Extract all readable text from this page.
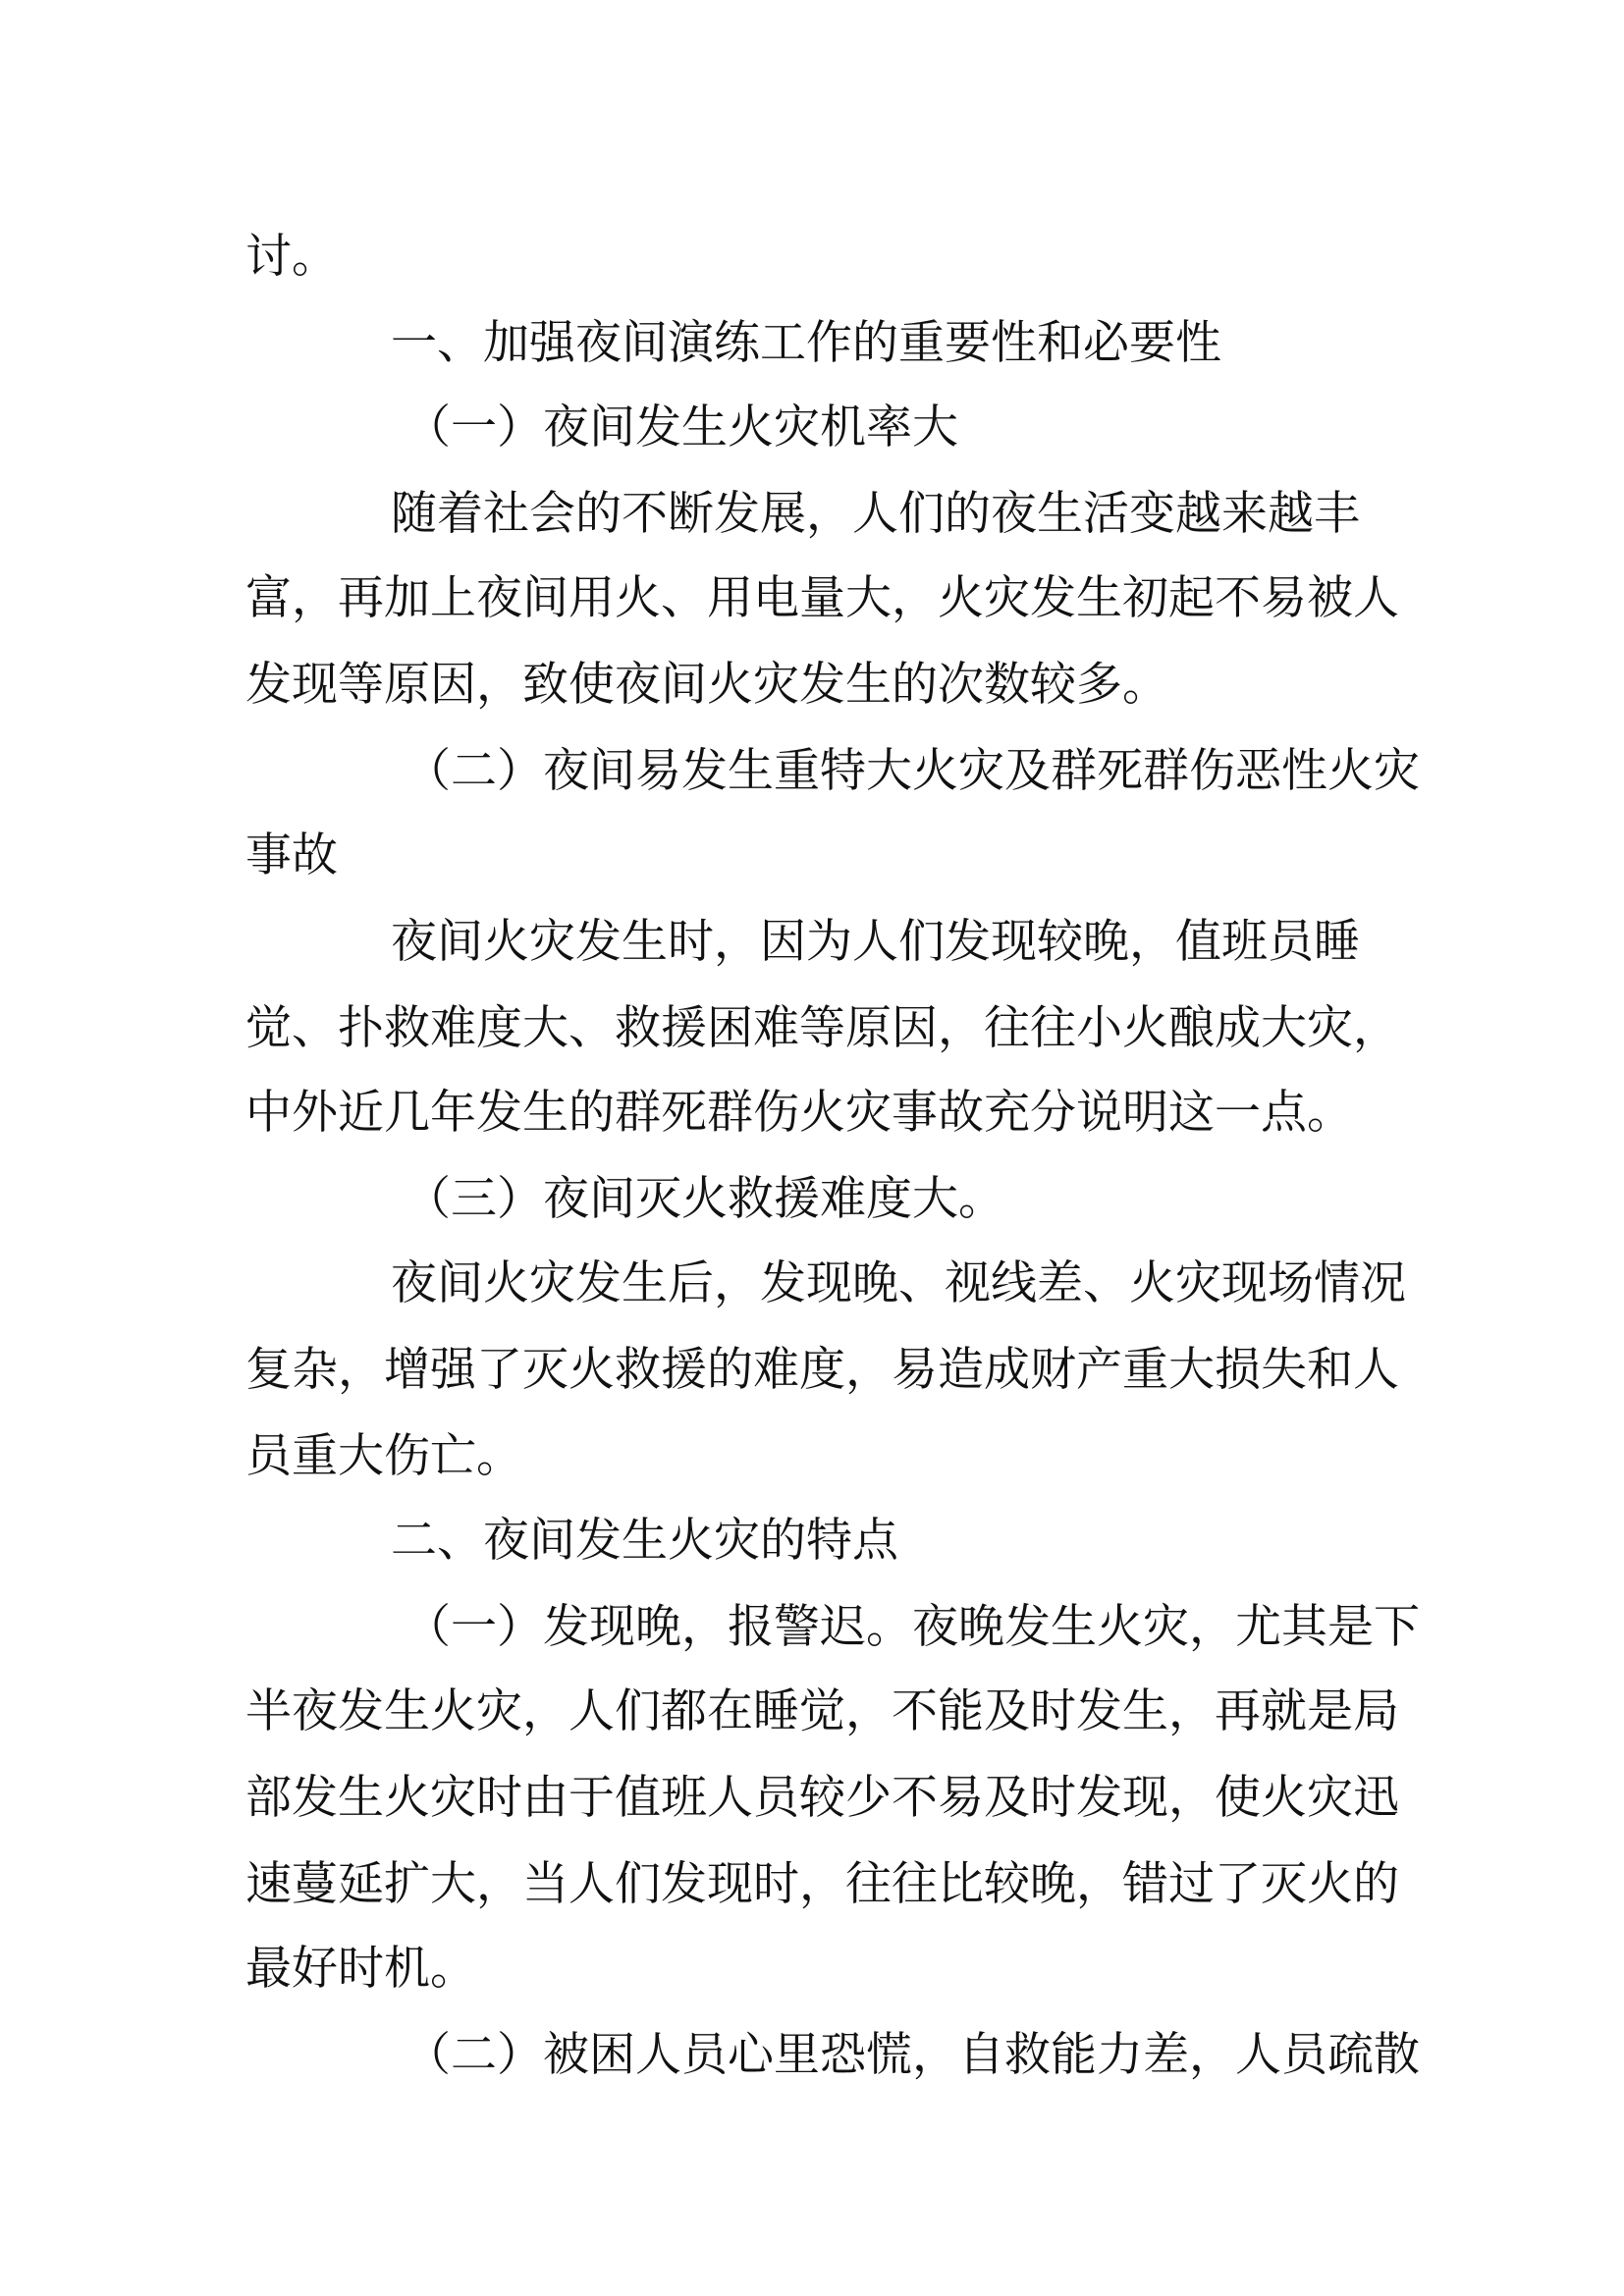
讨。
一、加强夜间演练工作的重要性和必要性
（一）夜间发生火灾机率大
随着社会的不断发展，人们的夜生活变越来越丰
富，再加上夜间用火、用电量大，火灾发生初起不易被人
发现等原因，致使夜间火灾发生的次数较多。
（二）夜间易发生重特大火灾及群死群伤恶性火灾
事故
夜间火灾发生时，因为人们发现较晚，值班员睡
觉、扑救难度大、救援困难等原因，往往小火酿成大灾，
中外近几年发生的群死群伤火灾事故充分说明这一点。
（三）夜间灭火救援难度大。
夜间火灾发生后，发现晚、视线差、火灾现场情况
复杂，增强了灭火救援的难度，易造成财产重大损失和人
员重大伤亡。
二、夜间发生火灾的特点
（一）发现晚，报警迟。夜晚发生火灾，尤其是下
半夜发生火灾，人们都在睡觉，不能及时发生，再就是局
部发生火灾时由于值班人员较少不易及时发现，使火灾迅
速蔓延扩大，当人们发现时，往往比较晚，错过了灭火的
最好时机。
（二）被困人员心里恐慌，自救能力差，人员疏散
